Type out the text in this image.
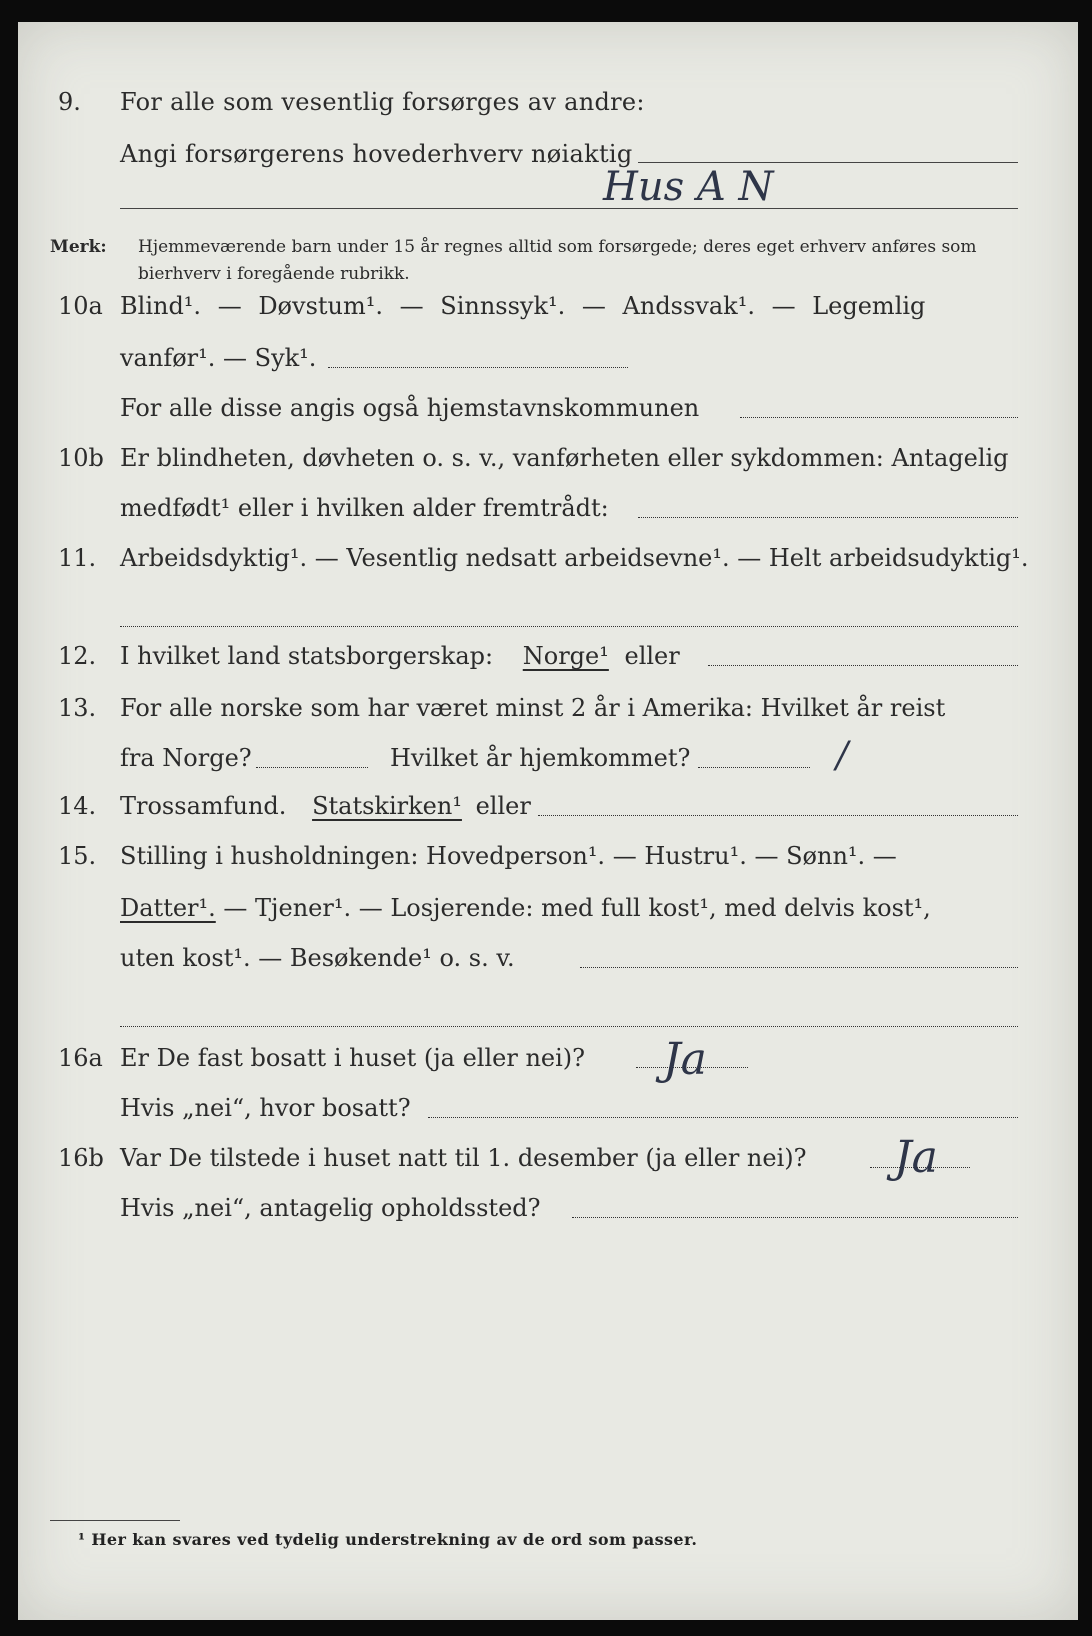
9. For alle som vesentlig forsørges av andre:
Angi forsørgerens hovederhverv nøiaktig
Hus A N
Merk: Hjemmeværende barn under 15 år regnes alltid som forsørgede; deres eget erhverv anføres som bierhverv i foregående rubrikk.
10a Blind¹. — Døvstum¹. — Sinnssyk¹. — Andssvak¹. — Legemlig
vanfør¹. — Syk¹.
For alle disse angis også hjemstavnskommunen
10b Er blindheten, døvheten o. s. v., vanførheten eller sykdommen: Antagelig
medfødt¹ eller i hvilken alder fremtrådt:
11. Arbeidsdyktig¹. — Vesentlig nedsatt arbeidsevne¹. — Helt arbeidsudyktig¹.
12. I hvilket land statsborgerskap: Norge¹ eller
13. For alle norske som har været minst 2 år i Amerika: Hvilket år reist
fra Norge?	Hvilket år hjemkommet?	/
14. Trossamfund. Statskirken¹ eller
15. Stilling i husholdningen: Hovedperson¹. — Hustru¹. — Sønn¹. —
Datter¹. — Tjener¹. — Losjerende: med full kost¹, med delvis kost¹,
uten kost¹. — Besøkende¹ o. s. v.
16a Er De fast bosatt i huset (ja eller nei)? Ja
Hvis „nei“, hvor bosatt?
16b Var De tilstede i huset natt til 1. desember (ja eller nei)? Ja
Hvis „nei“, antagelig opholdssted?
¹ Her kan svares ved tydelig understrekning av de ord som passer.
